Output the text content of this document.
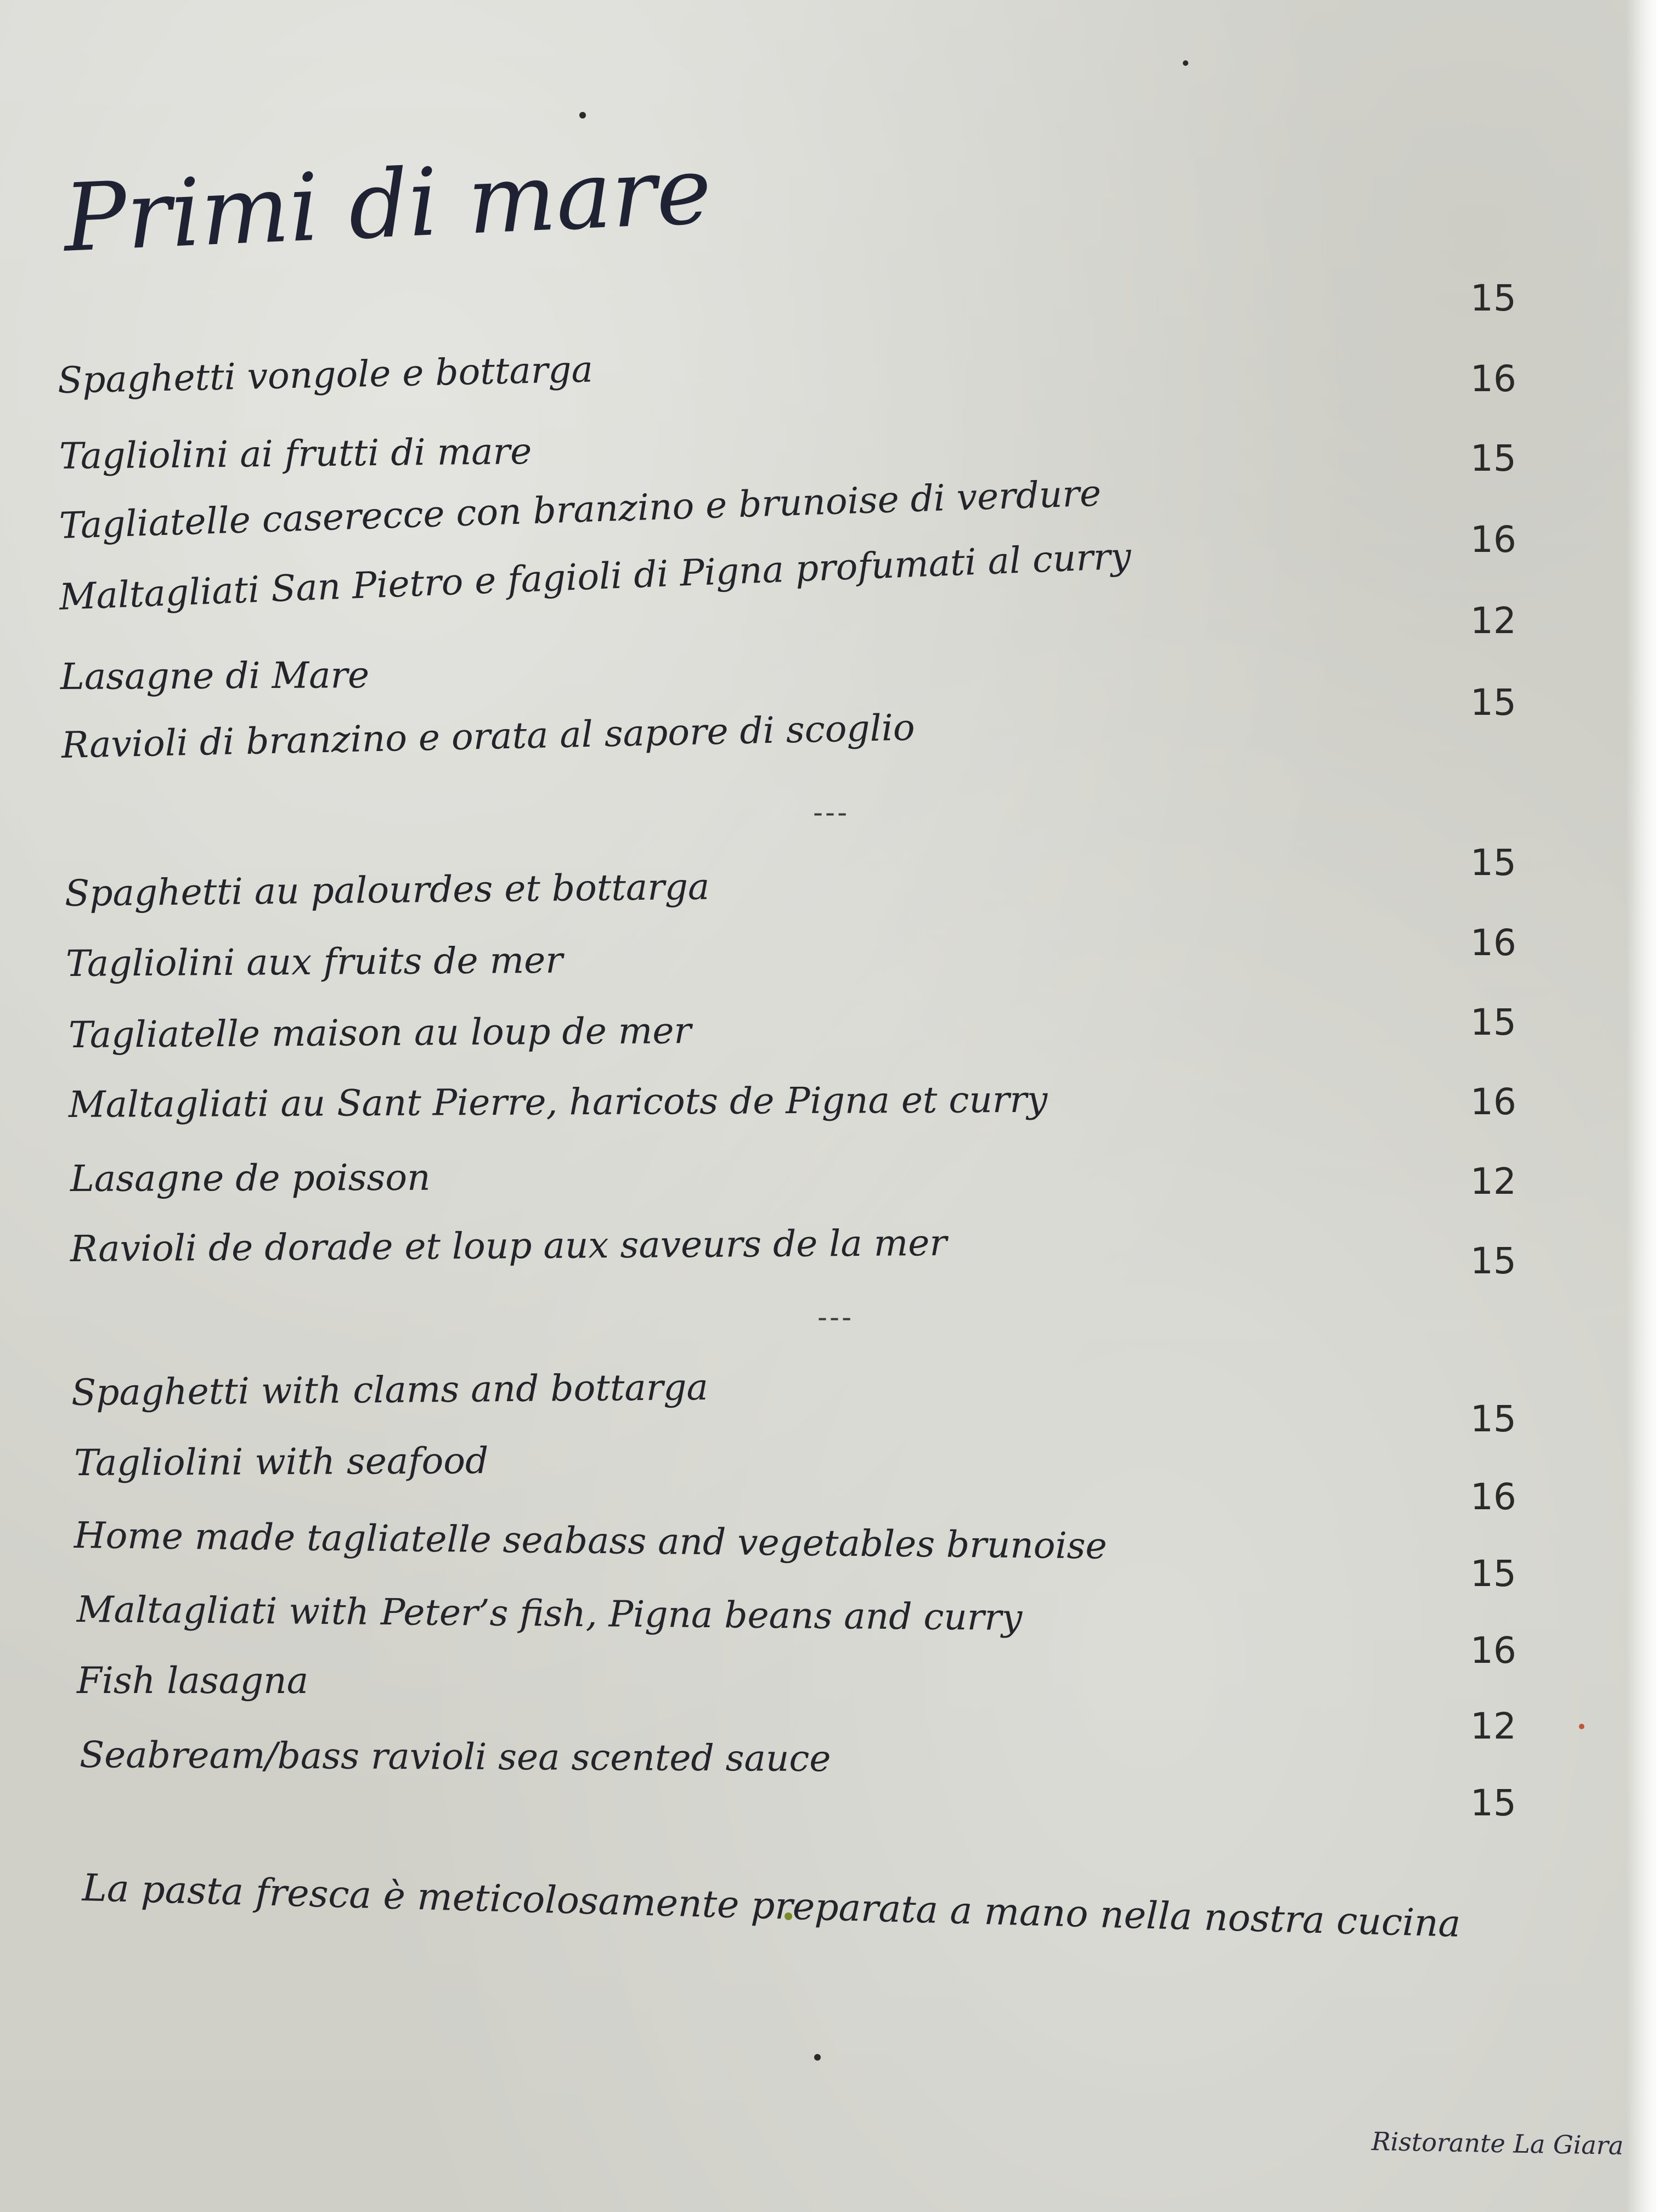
Primi di mare
Spaghetti vongole e bottarga
Tagliolini ai frutti di mare
Tagliatelle caserecce con branzino e brunoise di verdure
Maltagliati San Pietro e fagioli di Pigna profumati al curry
Lasagne di Mare
Ravioli di branzino e orata al sapore di scoglio
15
16
15
16
12
15
---
Spaghetti au palourdes et bottarga
Tagliolini aux fruits de mer
Tagliatelle maison au loup de mer
Maltagliati au Sant Pierre, haricots de Pigna et curry
Lasagne de poisson
Ravioli de dorade et loup aux saveurs de la mer
15
16
15
16
12
15
---
Spaghetti with clams and bottarga
Tagliolini with seafood
Home made tagliatelle seabass and vegetables brunoise
Maltagliati with Peter’s fish, Pigna beans and curry
Fish lasagna
Seabream/bass ravioli sea scented sauce
15
16
15
16
12
15
La pasta fresca è meticolosamente preparata a mano nella nostra cucina
Ristorante La Giara
